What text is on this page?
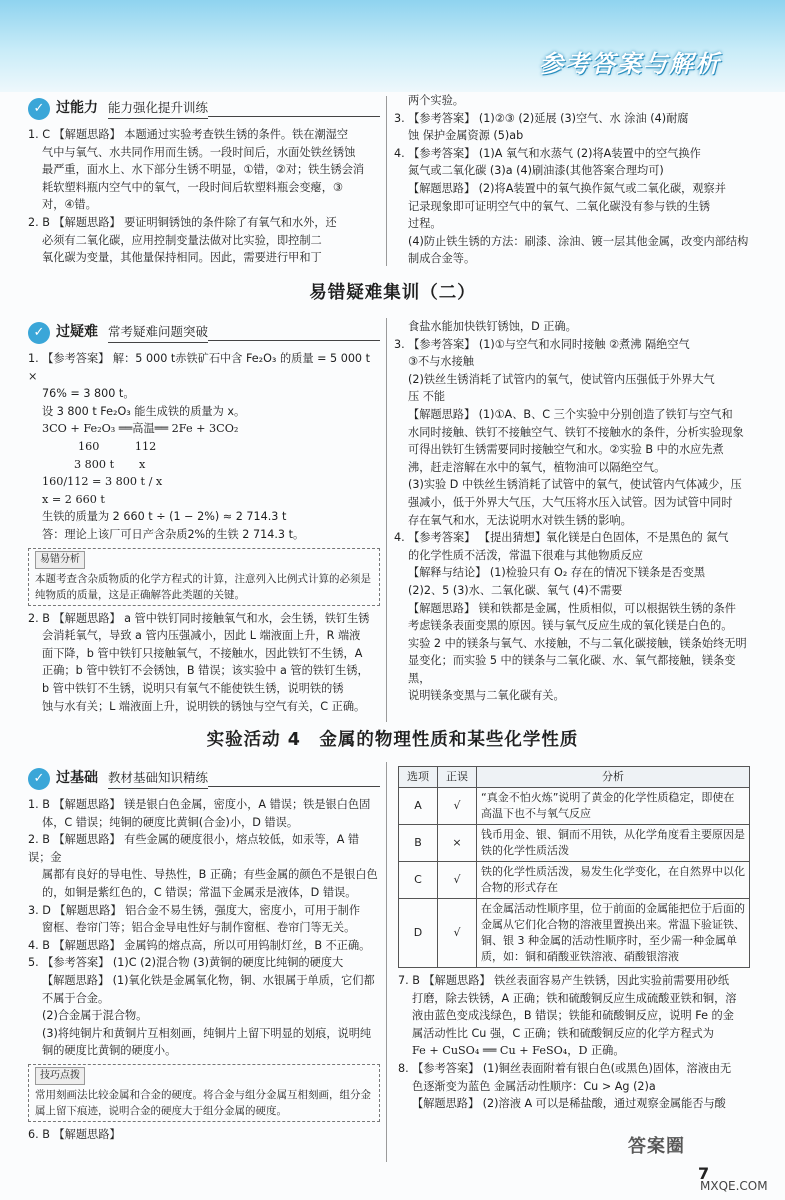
参考答案与解析
✓ 过能力 能力强化提升训练

1. C 【解题思路】 本题通过实验考查铁生锈的条件。铁在潮湿空

气中与氧气、水共同作用而生锈。一段时间后，水面处铁丝锈蚀

最严重，面水上、水下部分生锈不明显，①错，②对；铁生锈会消

耗软塑料瓶内空气中的氧气，一段时间后软塑料瓶会变瘪，③

对，④错。

2. B 【解题思路】 要证明铜锈蚀的条件除了有氧气和水外，还

必须有二氧化碳，应用控制变量法做对比实验，即控制二

氧化碳为变量，其他量保持相同。因此，需要进行甲和丁

两个实验。

3. 【参考答案】 (1)②③ (2)延展 (3)空气、水 涂油 (4)耐腐

蚀 保护金属资源 (5)ab

4. 【参考答案】 (1)A 氧气和水蒸气 (2)将A装置中的空气换作

氮气或二氧化碳 (3)a (4)刷油漆(其他答案合理均可)

【解题思路】 (2)将A装置中的氧气换作氮气或二氧化碳，观察并

记录现象即可证明空气中的氧气、二氧化碳没有参与铁的生锈

过程。

(4)防止铁生锈的方法：刷漆、涂油、镀一层其他金属，改变内部结构

制成合金等。

易错疑难集训（二）
✓ 过疑难 常考疑难问题突破

1. 【参考答案】 解：5 000 t赤铁矿石中含 Fe₂O₃ 的质量 = 5 000 t ×

76% = 3 800 t。

设 3 800 t Fe₂O₃ 能生成铁的质量为 x。

3CO + Fe₂O₃ ══高温══ 2Fe + 3CO₂

160          112

3 800 t       x

160/112 = 3 800 t / x

x = 2 660 t

生铁的质量为 2 660 t ÷ (1 − 2%) ≈ 2 714.3 t

答：理论上该厂可日产含杂质2%的生铁 2 714.3 t。

易错分析
本题考查含杂质物质的化学方程式的计算，注意列入比例式计算的必须是纯物质的质量，这是正确解答此类题的关键。

2. B 【解题思路】 a 管中铁钉同时接触氧气和水，会生锈，铁钉生锈

会消耗氧气，导致 a 管内压强减小，因此 L 端液面上升，R 端液

面下降，b 管中铁钉只接触氧气，不接触水，因此铁钉不生锈，A

正确；b 管中铁钉不会锈蚀，B 错误；该实验中 a 管的铁钉生锈，

b 管中铁钉不生锈，说明只有氧气不能使铁生锈，说明铁的锈

蚀与水有关；L 端液面上升，说明铁的锈蚀与空气有关，C 正确。

食盐水能加快铁钉锈蚀，D 正确。

3. 【参考答案】 (1)①与空气和水同时接触 ②煮沸 隔绝空气

③不与水接触

(2)铁丝生锈消耗了试管内的氧气，使试管内压强低于外界大气

压 不能

【解题思路】 (1)①A、B、C 三个实验中分别创造了铁钉与空气和

水同时接触、铁钉不接触空气、铁钉不接触水的条件，分析实验现象

可得出铁钉生锈需要同时接触空气和水。②实验 B 中的水应先煮

沸，赶走溶解在水中的氧气，植物油可以隔绝空气。

(3)实验 D 中铁丝生锈消耗了试管中的氧气，使试管内气体减少，压

强减小，低于外界大气压，大气压将水压入试管。因为试管中同时

存在氧气和水，无法说明水对铁生锈的影响。

4. 【参考答案】 【提出猜想】氧化镁是白色固体，不是黑色的 氮气

的化学性质不活泼，常温下很难与其他物质反应

【解释与结论】 (1)检验只有 O₂ 存在的情况下镁条是否变黑

(2)2、5 (3)水、二氧化碳、氧气 (4)不需要

【解题思路】 镁和铁都是金属，性质相似，可以根据铁生锈的条件

考虑镁条表面变黑的原因。镁与氧气反应生成的氧化镁是白色的。

实验 2 中的镁条与氧气、水接触，不与二氧化碳接触，镁条始终无明

显变化；而实验 5 中的镁条与二氧化碳、水、氧气都接触，镁条变黑，

说明镁条变黑与二氧化碳有关。

实验活动 4　金属的物理性质和某些化学性质
✓ 过基础 教材基础知识精练

1. B 【解题思路】 镁是银白色金属，密度小，A 错误；铁是银白色固

体，C 错误；纯铜的硬度比黄铜(合金)小，D 错误。

2. B 【解题思路】 有些金属的硬度很小，熔点较低，如汞等，A 错误；金

属都有良好的导电性、导热性，B 正确；有些金属的颜色不是银白色

的，如铜是紫红色的，C 错误；常温下金属汞是液体，D 错误。

3. D 【解题思路】 铝合金不易生锈，强度大，密度小，可用于制作

窗框、卷帘门等；铝合金导电性好与制作窗框、卷帘门等无关。

4. B 【解题思路】 金属钨的熔点高，所以可用钨制灯丝，B 不正确。

5. 【参考答案】 (1)C (2)混合物 (3)黄铜的硬度比纯铜的硬度大

【解题思路】 (1)氧化铁是金属氧化物，铜、水银属于单质，它们都

不属于合金。

(2)合金属于混合物。

(3)将纯铜片和黄铜片互相刻画，纯铜片上留下明显的划痕，说明纯

铜的硬度比黄铜的硬度小。

技巧点拨
常用刻画法比较金属和合金的硬度。将合金与组分金属互相刻画，组分金属上留下痕迹，说明合金的硬度大于组分金属的硬度。

6. B 【解题思路】

选项	正误	分析
A	√	“真金不怕火炼”说明了黄金的化学性质稳定，即使在高温下也不与氧气反应
B	×	钱币用金、银、铜而不用铁，从化学角度看主要原因是铁的化学性质活泼
C	√	铁的化学性质活泼，易发生化学变化，在自然界中以化合物的形式存在
D	√	在金属活动性顺序里，位于前面的金属能把位于后面的金属从它们化合物的溶液里置换出来。常温下验证铁、铜、银 3 种金属的活动性顺序时，至少需一种金属单质，如：铜和硝酸亚铁溶液、硝酸银溶液

7. B 【解题思路】 铁丝表面容易产生铁锈，因此实验前需要用砂纸

打磨，除去铁锈，A 正确；铁和硫酸铜反应生成硫酸亚铁和铜，溶

液由蓝色变成浅绿色，B 错误；铁能和硫酸铜反应，说明 Fe 的金

属活动性比 Cu 强，C 正确；铁和硫酸铜反应的化学方程式为

Fe + CuSO₄ ══ Cu + FeSO₄，D 正确。

8. 【参考答案】 (1)铜丝表面附着有银白色(或黑色)固体，溶液由无

色逐渐变为蓝色 金属活动性顺序：Cu > Ag (2)a

【解题思路】 (2)溶液 A 可以是稀盐酸，通过观察金属能否与酸

答案圈
MXQE.COM
7
